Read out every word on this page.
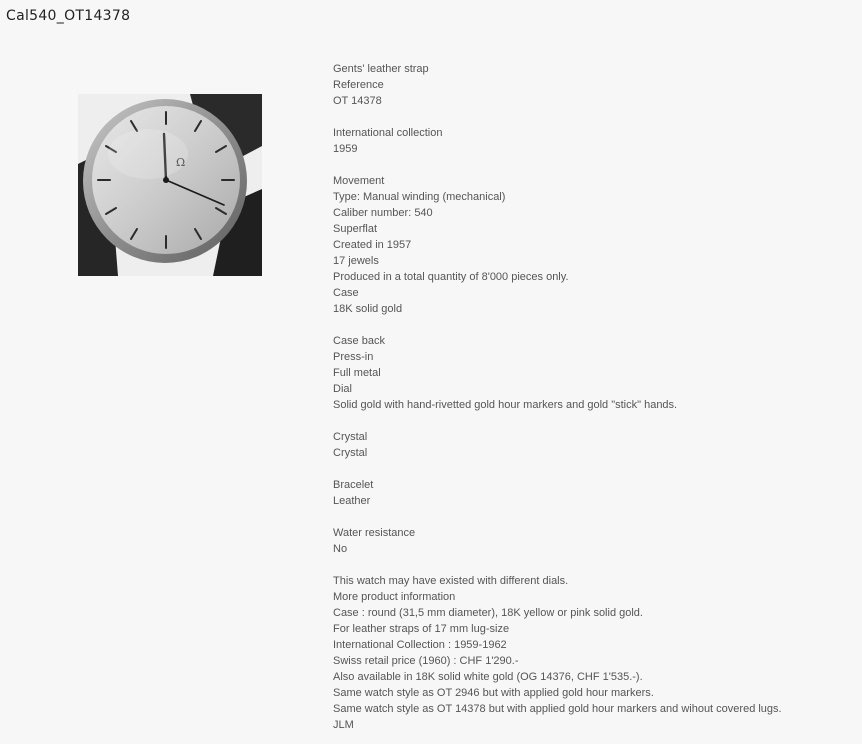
Cal540_OT14378
Ω
Gents' leather strap
Reference
OT 14378
International collection
1959
Movement
Type: Manual winding (mechanical)
Caliber number: 540
Superflat
Created in 1957
17 jewels
Produced in a total quantity of 8'000 pieces only.
Case
18K solid gold
Case back
Press-in
Full metal
Dial
Solid gold with hand-rivetted gold hour markers and gold "stick" hands.
Crystal
Crystal
Bracelet
Leather
Water resistance
No
This watch may have existed with different dials.
More product information
Case : round (31,5 mm diameter), 18K yellow or pink solid gold.
For leather straps of 17 mm lug-size
International Collection : 1959-1962
Swiss retail price (1960) : CHF 1'290.-
Also available in 18K solid white gold (OG 14376, CHF 1'535.-).
Same watch style as OT 2946 but with applied gold hour markers.
Same watch style as OT 14378 but with applied gold hour markers and wihout covered lugs.
JLM
